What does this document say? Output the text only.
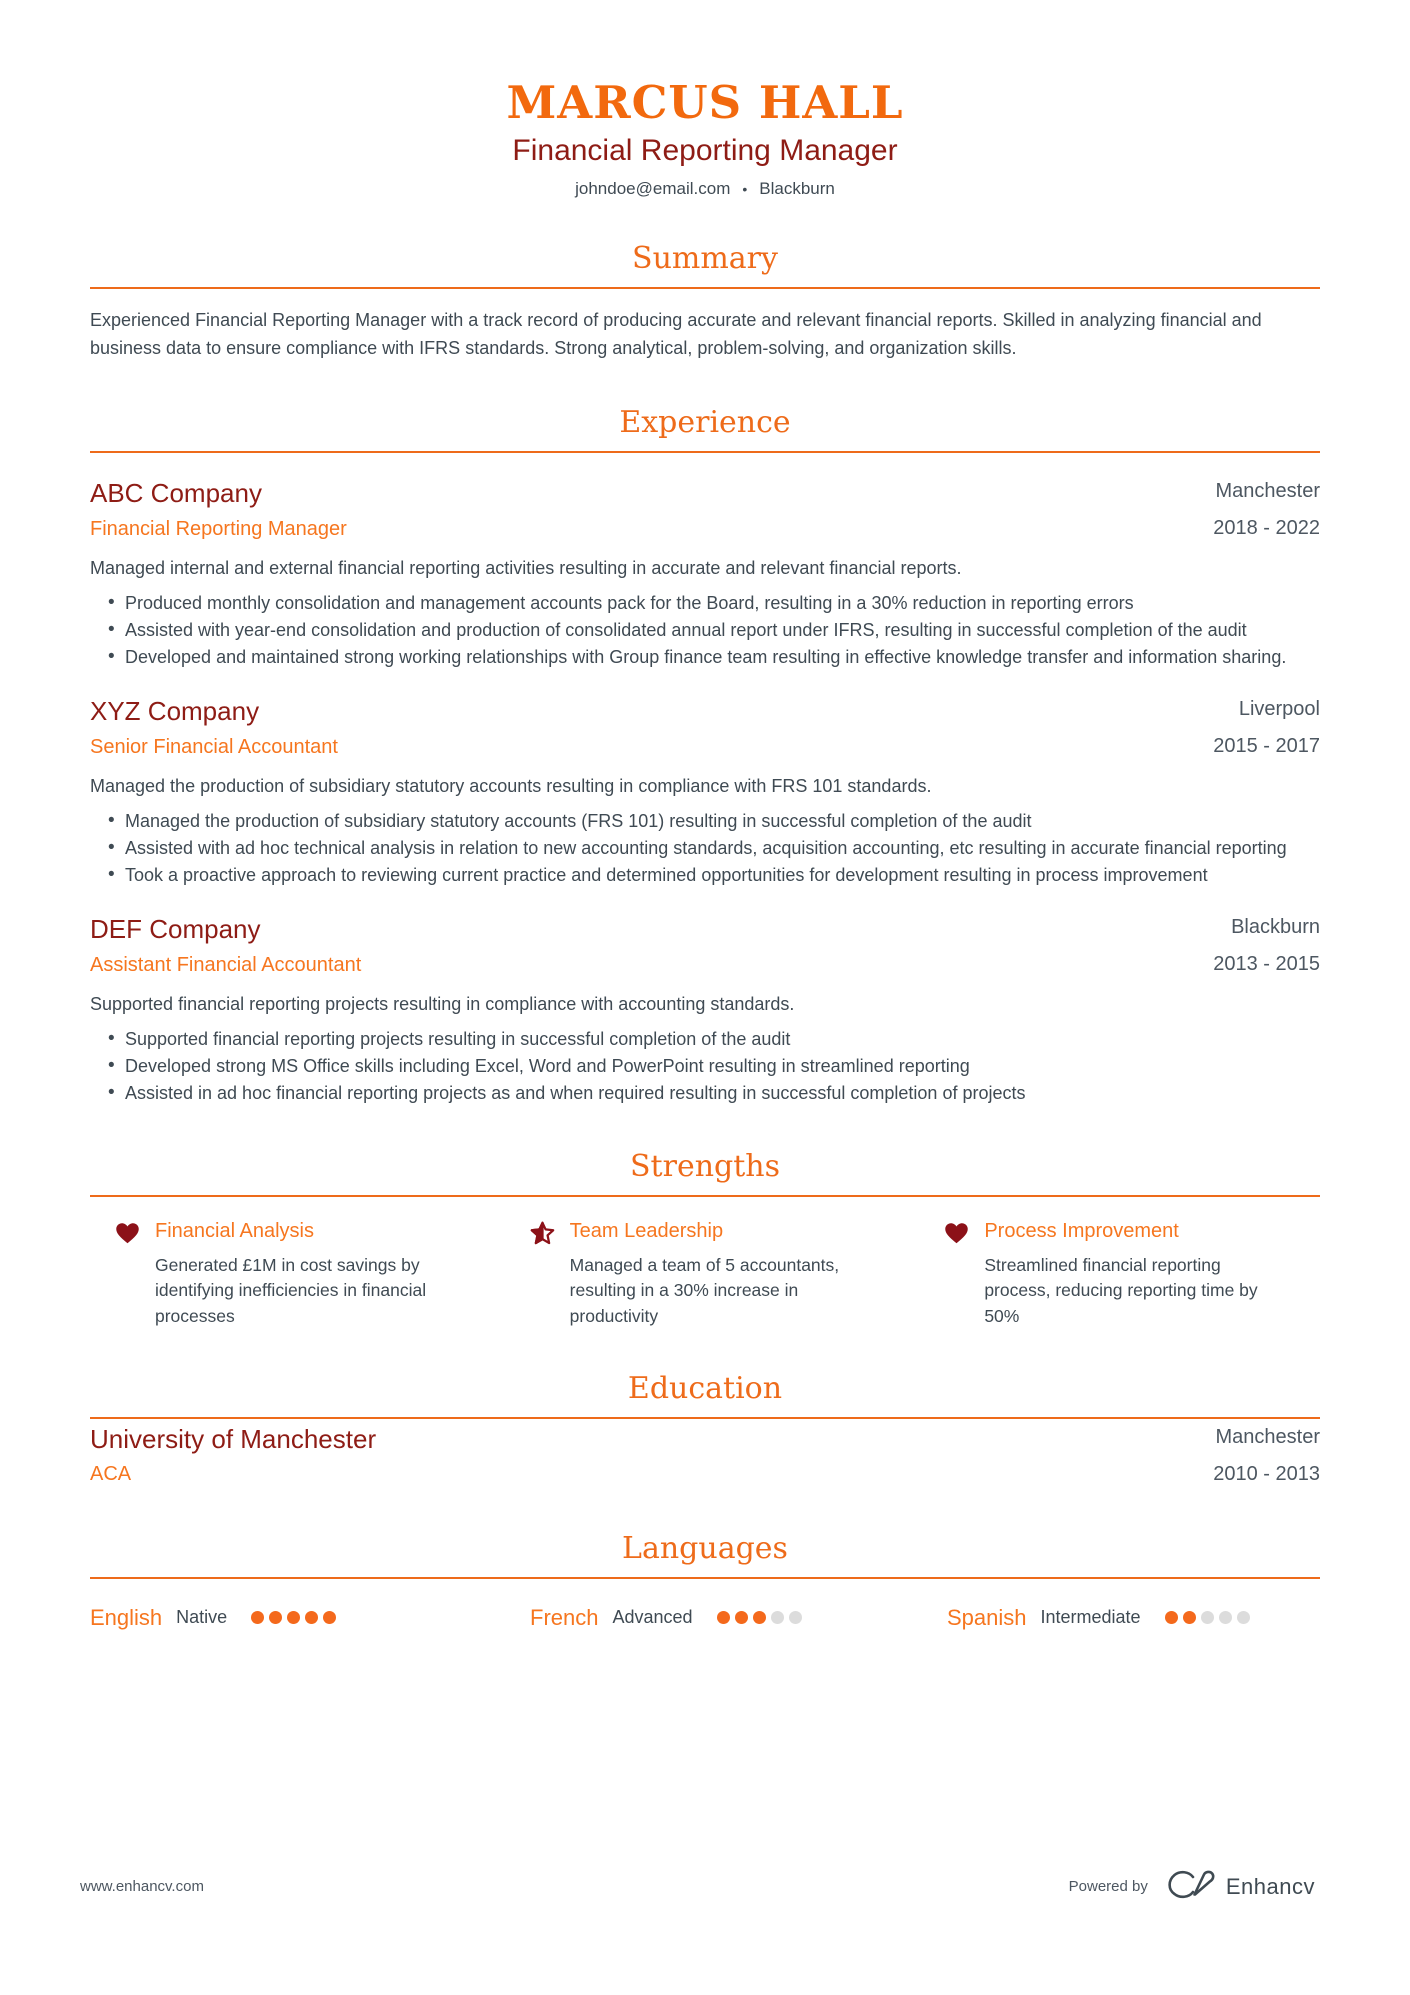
MARCUS HALL
Financial Reporting Manager
johndoe@email.com • Blackburn
Summary

Experienced Financial Reporting Manager with a track record of producing accurate and relevant financial reports. Skilled in analyzing financial and business data to ensure compliance with IFRS standards. Strong analytical, problem-solving, and organization skills.

Experience
ABC Company
Financial Reporting Manager
Manchester
2018 - 2022
Managed internal and external financial reporting activities resulting in accurate and relevant financial reports.
• Produced monthly consolidation and management accounts pack for the Board, resulting in a 30% reduction in reporting errors
• Assisted with year-end consolidation and production of consolidated annual report under IFRS, resulting in successful completion of the audit
• Developed and maintained strong working relationships with Group finance team resulting in effective knowledge transfer and information sharing.
XYZ Company
Senior Financial Accountant
Liverpool
2015 - 2017
Managed the production of subsidiary statutory accounts resulting in compliance with FRS 101 standards.
• Managed the production of subsidiary statutory accounts (FRS 101) resulting in successful completion of the audit
• Assisted with ad hoc technical analysis in relation to new accounting standards, acquisition accounting, etc resulting in accurate financial reporting
• Took a proactive approach to reviewing current practice and determined opportunities for development resulting in process improvement
DEF Company
Assistant Financial Accountant
Blackburn
2013 - 2015
Supported financial reporting projects resulting in compliance with accounting standards.
• Supported financial reporting projects resulting in successful completion of the audit
• Developed strong MS Office skills including Excel, Word and PowerPoint resulting in streamlined reporting
• Assisted in ad hoc financial reporting projects as and when required resulting in successful completion of projects
Strengths
Financial Analysis
Generated £1M in cost savings by identifying inefficiencies in financial processes
Team Leadership
Managed a team of 5 accountants, resulting in a 30% increase in productivity
Process Improvement
Streamlined financial reporting process, reducing reporting time by 50%
Education
University of Manchester
ACA
Manchester
2010 - 2013
Languages
English Native	French Advanced	Spanish Intermediate
www.enhancv.com	Powered by	Enhancv
